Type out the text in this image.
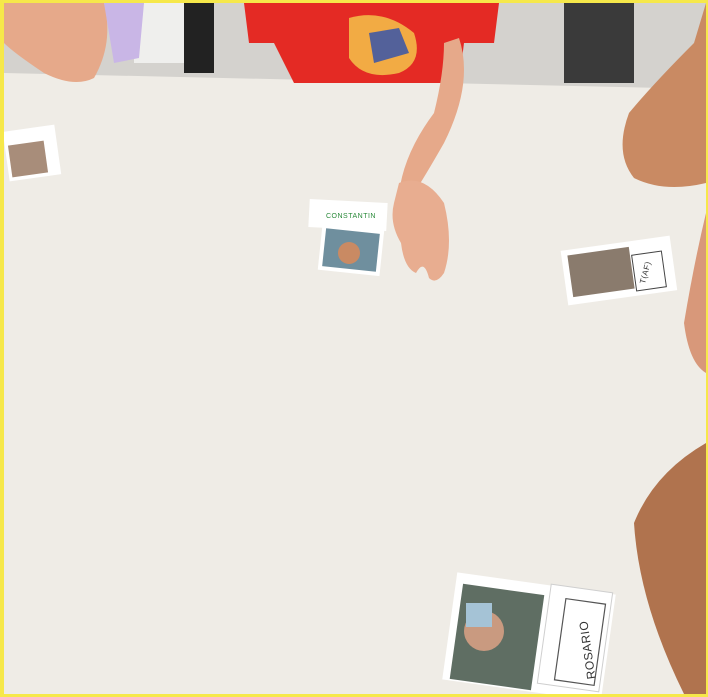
ROSARIO
T(AF)
CONSTANTIN
